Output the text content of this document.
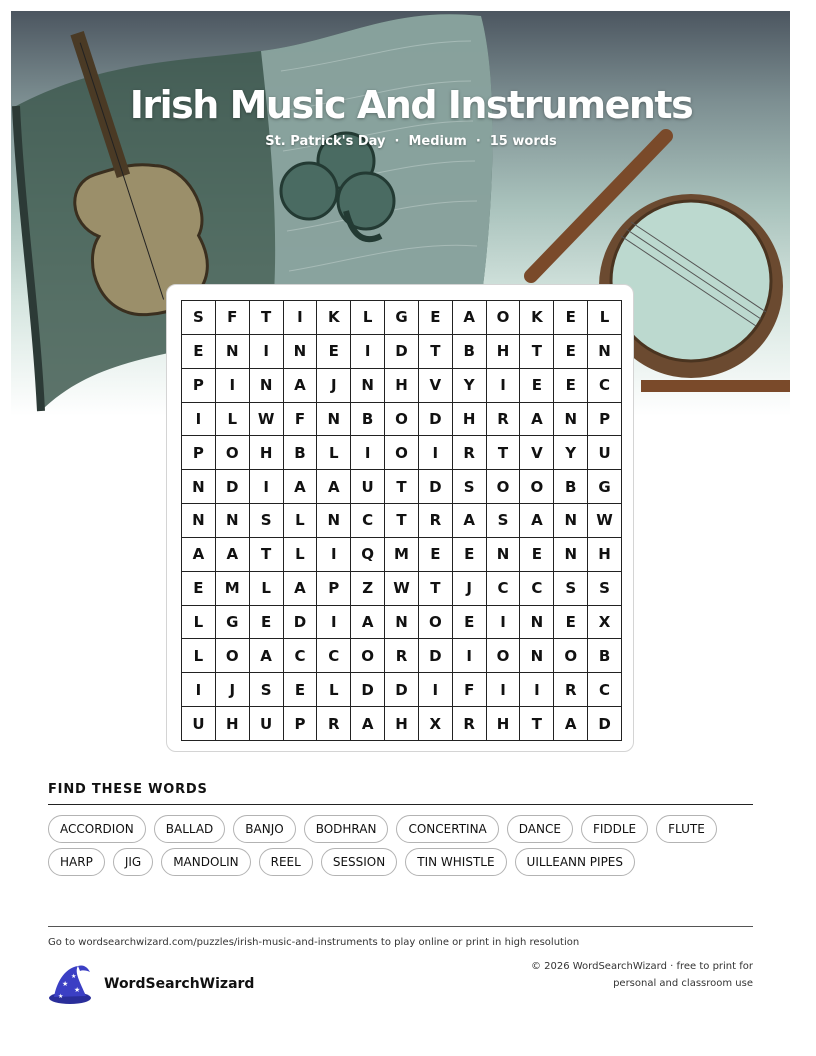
Irish Music And Instruments
St. Patrick's Day · Medium · 15 words
S	F	T	I	K	L	G	E	A	O	K	E	L
E	N	I	N	E	I	D	T	B	H	T	E	N
P	I	N	A	J	N	H	V	Y	I	E	E	C
I	L	W	F	N	B	O	D	H	R	A	N	P
P	O	H	B	L	I	O	I	R	T	V	Y	U
N	D	I	A	A	U	T	D	S	O	O	B	G
N	N	S	L	N	C	T	R	A	S	A	N	W
A	A	T	L	I	Q	M	E	E	N	E	N	H
E	M	L	A	P	Z	W	T	J	C	C	S	S
L	G	E	D	I	A	N	O	E	I	N	E	X
L	O	A	C	C	O	R	D	I	O	N	O	B
I	J	S	E	L	D	D	I	F	I	I	R	C
U	H	U	P	R	A	H	X	R	H	T	A	D
FIND THESE WORDS
ACCORDION	BALLAD	BANJO	BODHRAN	CONCERTINA	DANCE	FIDDLE	FLUTE
HARP	JIG	MANDOLIN	REEL	SESSION	TIN WHISTLE	UILLEANN PIPES
Go to wordsearchwizard.com/puzzles/irish-music-and-instruments to play online or print in high resolution
★
★
★
★
WordSearchWizard
© 2026 WordSearchWizard · free to print for personal and classroom use
